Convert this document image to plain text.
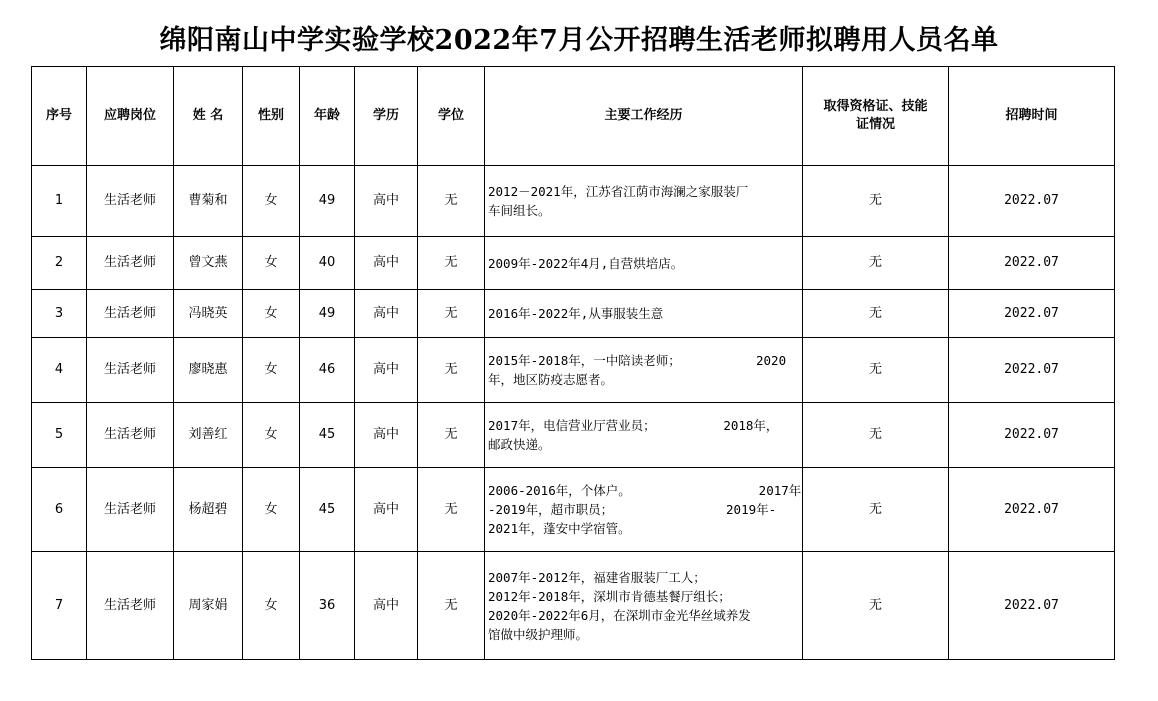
绵阳南山中学实验学校2022年7月公开招聘生活老师拟聘用人员名单
序号	应聘岗位	姓 名	性别	年龄	学历	学位	主要工作经历	取得资格证、技能
证情况	招聘时间
1	生活老师	曹菊和	女	49	高中	无	2012－2021年，江苏省江荫市海澜之家服装厂
车间组长。	无	2022.07
2	生活老师	曾文燕	女	40	高中	无	2009年-2022年4月,自营烘培店。	无	2022.07
3	生活老师	冯晓英	女	49	高中	无	2016年-2022年,从事服装生意	无	2022.07
4	生活老师	廖晓惠	女	46	高中	无	2015年-2018年，一中陪读老师；          2020
年，地区防疫志愿者。	无	2022.07
5	生活老师	刘善红	女	45	高中	无	2017年，电信营业厅营业员；         2018年，
邮政快递。	无	2022.07
6	生活老师	杨超碧	女	45	高中	无	2006-2016年，个体户。                 2017年
-2019年，超市职员；               2019年-
2021年，蓬安中学宿管。	无	2022.07
7	生活老师	周家娟	女	36	高中	无	2007年-2012年，福建省服装厂工人；
2012年-2018年，深圳市肯德基餐厅组长；
2020年-2022年6月，在深圳市金光华丝域养发
馆做中级护理师。	无	2022.07
